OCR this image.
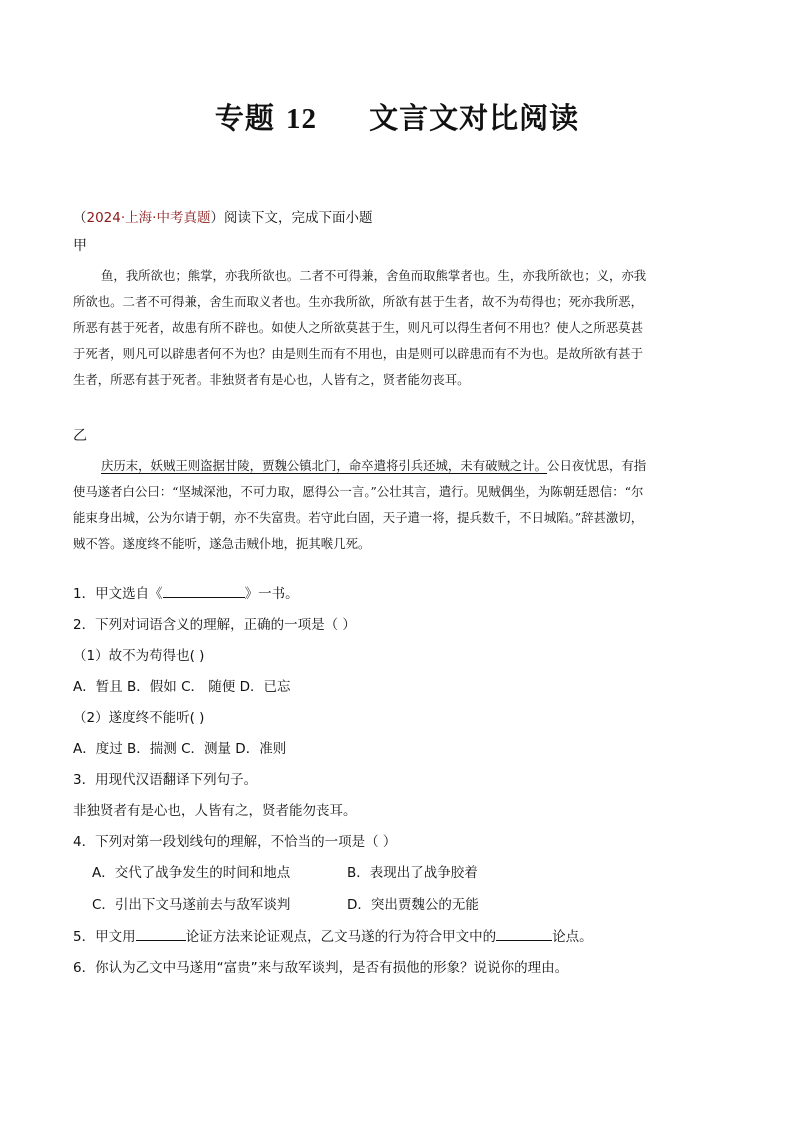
专题 12 文言文对比阅读
（2024·上海·中考真题）阅读下文，完成下面小题
甲
鱼，我所欲也；熊掌，亦我所欲也。二者不可得兼，舍鱼而取熊掌者也。生，亦我所欲也；义，亦我
所欲也。二者不可得兼，舍生而取义者也。生亦我所欲，所欲有甚于生者，故不为苟得也；死亦我所恶，
所恶有甚于死者，故患有所不辟也。如使人之所欲莫甚于生，则凡可以得生者何不用也？使人之所恶莫甚
于死者，则凡可以辟患者何不为也？由是则生而有不用也，由是则可以辟患而有不为也。是故所欲有甚于
生者，所恶有甚于死者。非独贤者有是心也，人皆有之，贤者能勿丧耳。
乙
庆历末，妖贼王则盗据甘陵，贾魏公镇北门，命卒遣将引兵还城，未有破贼之计。公日夜忧思，有指
使马遂者白公曰：“坚城深池，不可力取，愿得公一言。”公壮其言，遣行。见贼偶坐，为陈朝廷恩信：“尔
能束身出城，公为尔请于朝，亦不失富贵。若守此白固，天子遣一将，提兵数千，不日城陷。”辞甚激切，
贼不答。遂度终不能听，遂急击贼仆地，扼其喉几死。
1．甲文选自《	》一书。
2．下列对词语含义的理解，正确的一项是（ ）
（1）故不为苟得也( )
A．暂且 B．假如 C． 随便 D．已忘
（2）遂度终不能听( )
A．度过 B．揣测 C．测量 D．准则
3．用现代汉语翻译下列句子。
非独贤者有是心也，人皆有之，贤者能勿丧耳。
4．下列对第一段划线句的理解，不恰当的一项是（ ）
A．交代了战争发生的时间和地点	B．表现出了战争胶着
C．引出下文马遂前去与敌军谈判	D．突出贾魏公的无能
5．甲文用	论证方法来论证观点，乙文马遂的行为符合甲文中的	论点。
6．你认为乙文中马遂用“富贵”来与敌军谈判，是否有损他的形象？说说你的理由。
